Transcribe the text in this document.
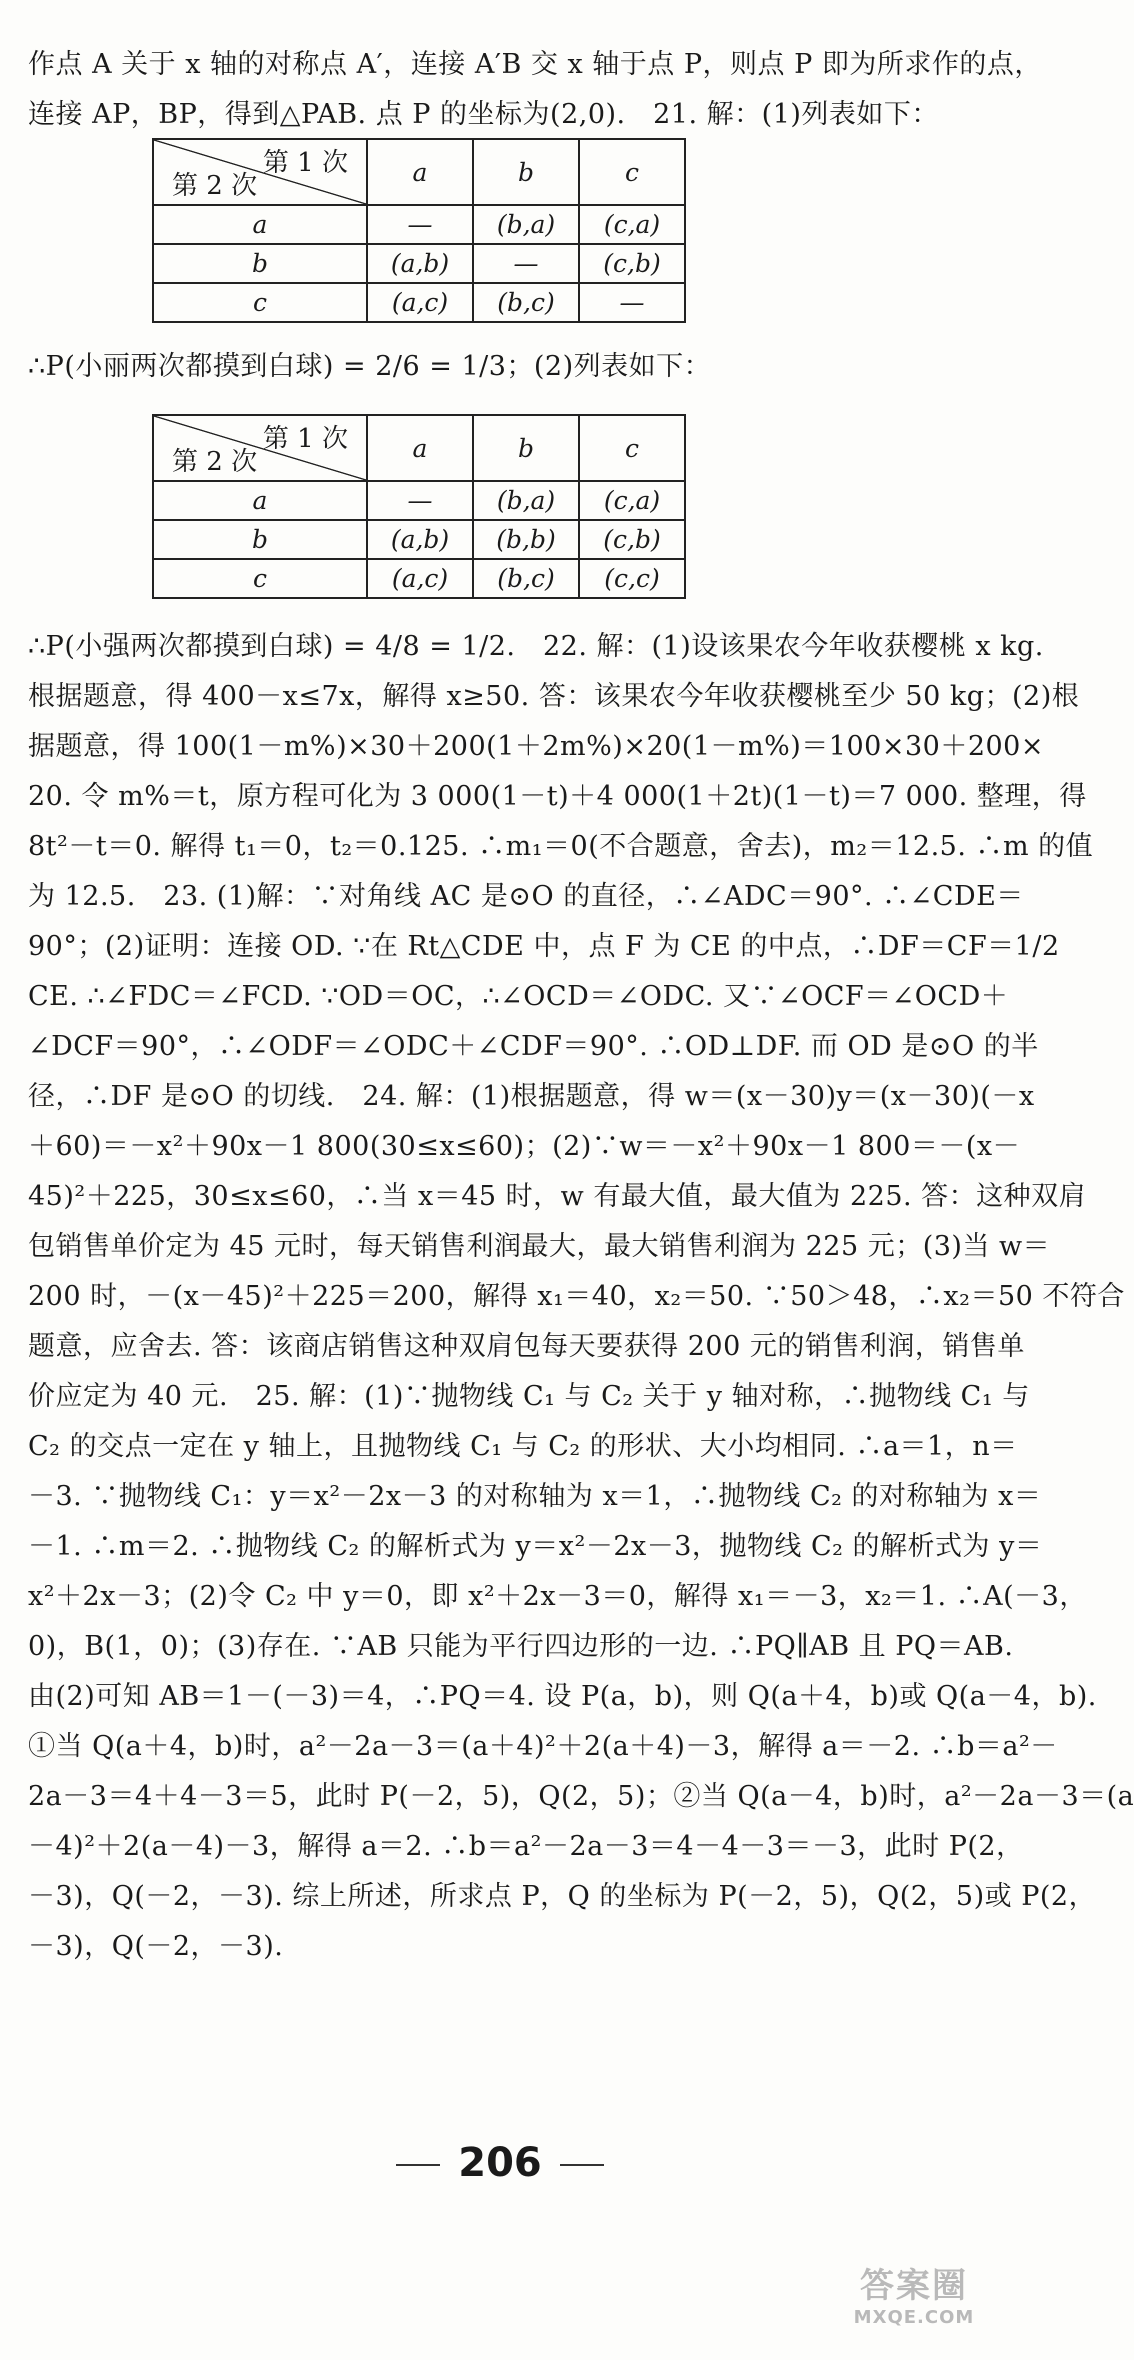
作点 A 关于 x 轴的对称点 A′，连接 A′B 交 x 轴于点 P，则点 P 即为所求作的点，
连接 AP，BP，得到△PAB. 点 P 的坐标为(2,0).　21. 解：(1)列表如下：

第 1 次
第 2 次	a	b	c
a	—	(b,a)	(c,a)
b	(a,b)	—	(c,b)
c	(a,c)	(b,c)	—

∴P(小丽两次都摸到白球) = 2/6 = 1/3；(2)列表如下：

第 1 次
第 2 次	a	b	c
a	—	(b,a)	(c,a)
b	(a,b)	(b,b)	(c,b)
c	(a,c)	(b,c)	(c,c)

∴P(小强两次都摸到白球) = 4/8 = 1/2.　22. 解：(1)设该果农今年收获樱桃 x kg.
根据题意，得 400－x≤7x，解得 x≥50. 答：该果农今年收获樱桃至少 50 kg；(2)根
据题意，得 100(1－m%)×30＋200(1＋2m%)×20(1－m%)＝100×30＋200×
20. 令 m%＝t，原方程可化为 3 000(1－t)＋4 000(1＋2t)(1－t)＝7 000. 整理，得
8t²－t＝0. 解得 t₁＝0，t₂＝0.125. ∴m₁＝0(不合题意，舍去)，m₂＝12.5. ∴m 的值
为 12.5.　23. (1)解：∵对角线 AC 是⊙O 的直径，∴∠ADC＝90°. ∴∠CDE＝
90°；(2)证明：连接 OD. ∵在 Rt△CDE 中，点 F 为 CE 的中点，∴DF＝CF＝1/2
CE. ∴∠FDC＝∠FCD. ∵OD＝OC，∴∠OCD＝∠ODC. 又∵∠OCF＝∠OCD＋
∠DCF＝90°，∴∠ODF＝∠ODC＋∠CDF＝90°. ∴OD⊥DF. 而 OD 是⊙O 的半
径，∴DF 是⊙O 的切线.　24. 解：(1)根据题意，得 w＝(x－30)y＝(x－30)(－x
＋60)＝－x²＋90x－1 800(30≤x≤60)；(2)∵w＝－x²＋90x－1 800＝－(x－
45)²＋225，30≤x≤60，∴当 x＝45 时，w 有最大值，最大值为 225. 答：这种双肩
包销售单价定为 45 元时，每天销售利润最大，最大销售利润为 225 元；(3)当 w＝
200 时，－(x－45)²＋225＝200，解得 x₁＝40，x₂＝50. ∵50＞48，∴x₂＝50 不符合
题意，应舍去. 答：该商店销售这种双肩包每天要获得 200 元的销售利润，销售单
价应定为 40 元.　25. 解：(1)∵抛物线 C₁ 与 C₂ 关于 y 轴对称，∴抛物线 C₁ 与
C₂ 的交点一定在 y 轴上，且抛物线 C₁ 与 C₂ 的形状、大小均相同. ∴a＝1，n＝
－3. ∵抛物线 C₁：y＝x²－2x－3 的对称轴为 x＝1，∴抛物线 C₂ 的对称轴为 x＝
－1. ∴m＝2. ∴抛物线 C₂ 的解析式为 y＝x²－2x－3，抛物线 C₂ 的解析式为 y＝
x²＋2x－3；(2)令 C₂ 中 y＝0，即 x²＋2x－3＝0，解得 x₁＝－3，x₂＝1. ∴A(－3，
0)，B(1，0)；(3)存在. ∵AB 只能为平行四边形的一边. ∴PQ∥AB 且 PQ＝AB.
由(2)可知 AB＝1－(－3)＝4，∴PQ＝4. 设 P(a，b)，则 Q(a＋4，b)或 Q(a－4，b).
①当 Q(a＋4，b)时，a²－2a－3＝(a＋4)²＋2(a＋4)－3，解得 a＝－2. ∴b＝a²－
2a－3＝4＋4－3＝5，此时 P(－2，5)，Q(2，5)；②当 Q(a－4，b)时，a²－2a－3＝(a
－4)²＋2(a－4)－3，解得 a＝2. ∴b＝a²－2a－3＝4－4－3＝－3，此时 P(2，
－3)，Q(－2，－3). 综上所述，所求点 P，Q 的坐标为 P(－2，5)，Q(2，5)或 P(2，
－3)，Q(－2，－3).

206
答案圈
MXQE.COM
